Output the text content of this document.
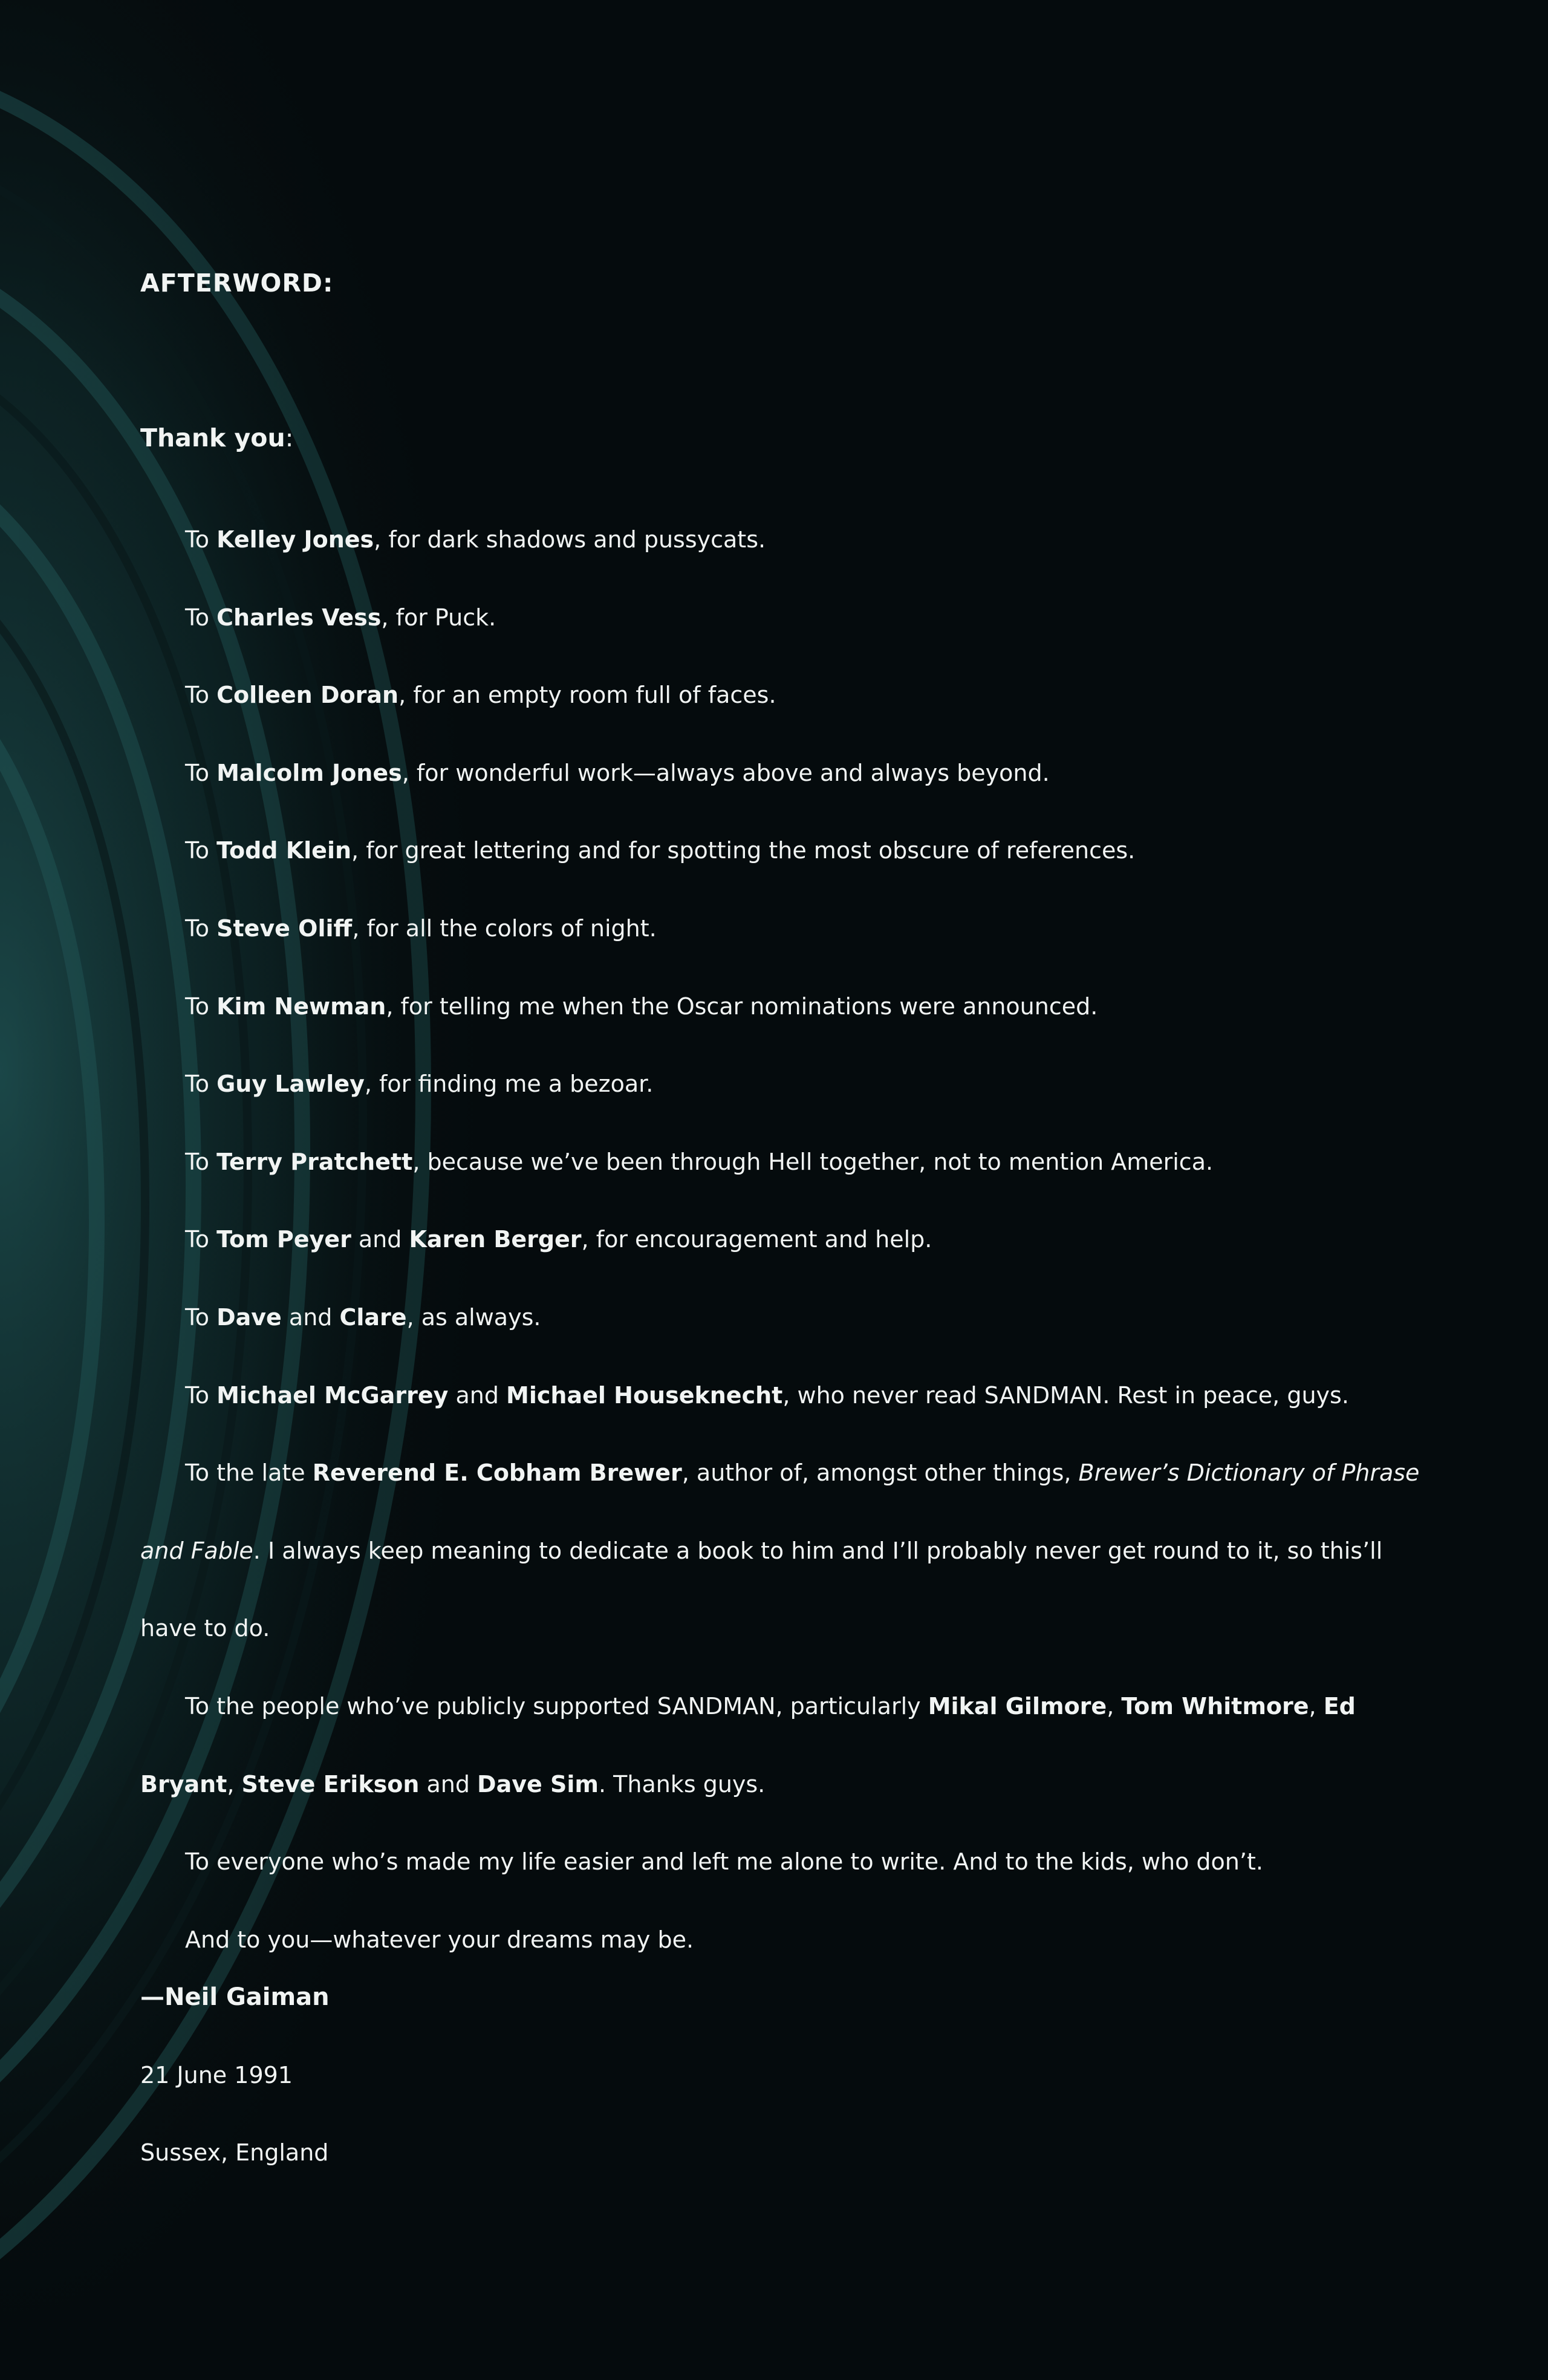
AFTERWORD:

Thank you:

To Kelley Jones, for dark shadows and pussycats.
To Charles Vess, for Puck.
To Colleen Doran, for an empty room full of faces.
To Malcolm Jones, for wonderful work—always above and always beyond.
To Todd Klein, for great lettering and for spotting the most obscure of references.
To Steve Oliff, for all the colors of night.
To Kim Newman, for telling me when the Oscar nominations were announced.
To Guy Lawley, for finding me a bezoar.
To Terry Pratchett, because we’ve been through Hell together, not to mention America.
To Tom Peyer and Karen Berger, for encouragement and help.
To Dave and Clare, as always.
To Michael McGarrey and Michael Houseknecht, who never read SANDMAN. Rest in peace, guys.
To the late Reverend E. Cobham Brewer, author of, amongst other things, Brewer’s Dictionary of Phrase and Fable. I always keep meaning to dedicate a book to him and I’ll probably never get round to it, so this’ll have to do.
To the people who’ve publicly supported SANDMAN, particularly Mikal Gilmore, Tom Whitmore, Ed Bryant, Steve Erikson and Dave Sim. Thanks guys.
To everyone who’s made my life easier and left me alone to write. And to the kids, who don’t.
And to you—whatever your dreams may be.
—Neil Gaiman
21 June 1991
Sussex, England
